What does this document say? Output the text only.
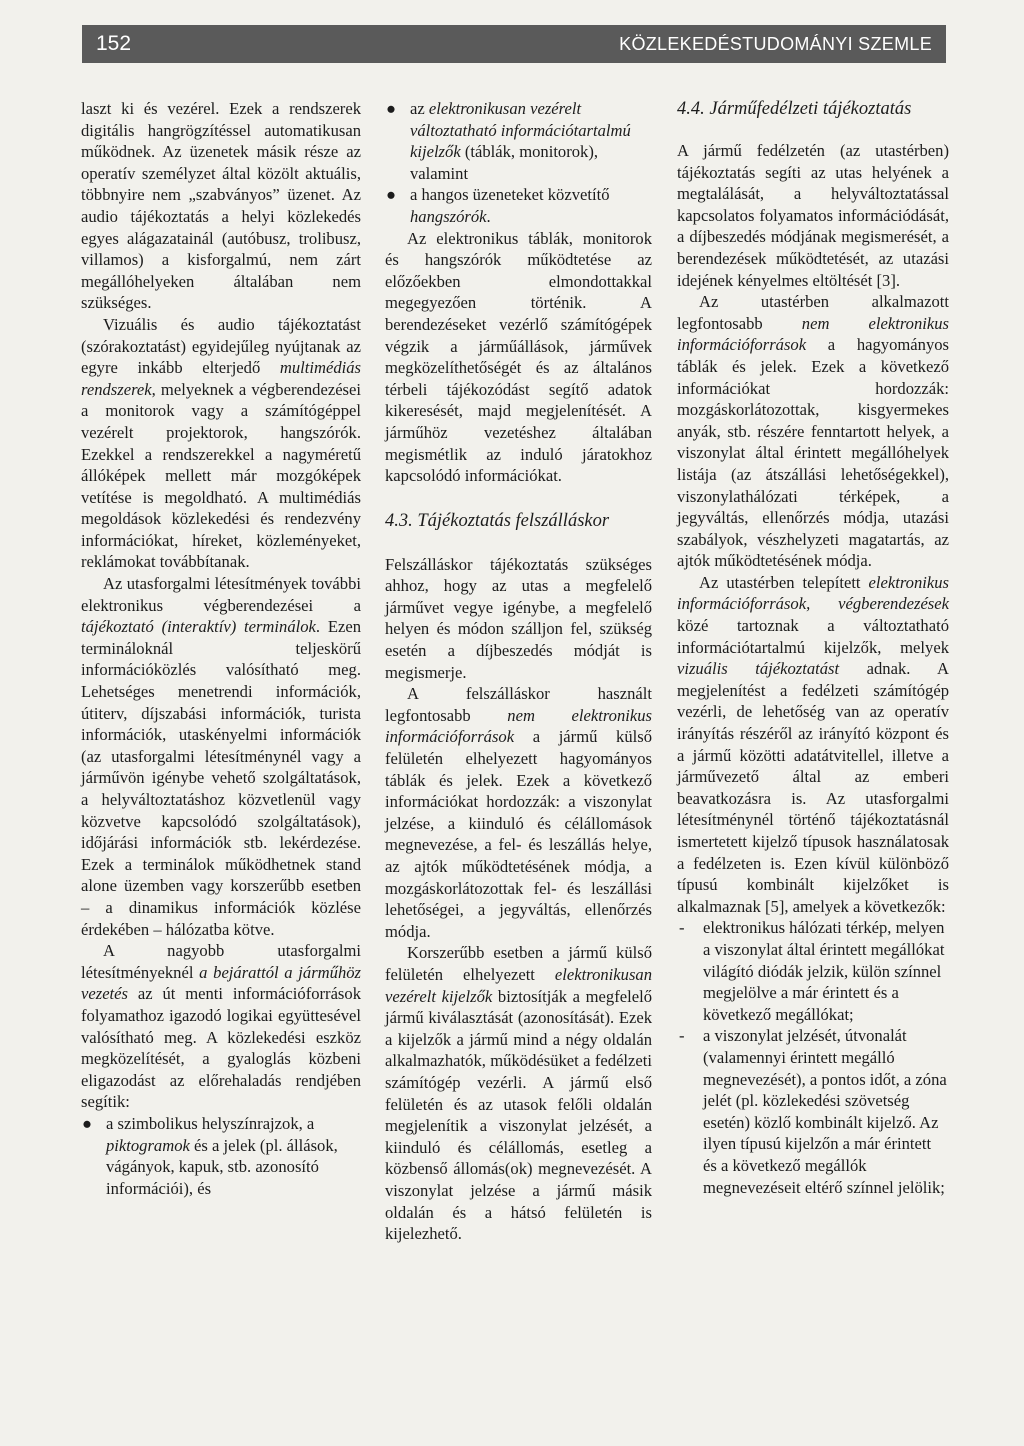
152	KÖZLEKEDÉSTUDOMÁNYI SZEMLE

laszt ki és vezérel. Ezek a rendszerek digitális hangrögzítéssel automatikusan működnek. Az üzenetek másik része az operatív személyzet által közölt aktuális, többnyire nem „szabványos” üzenet. Az audio tájékoztatás a helyi közlekedés egyes alágazatainál (autóbusz, trolibusz, villamos) a kisforgalmú, nem zárt megállóhelyeken általában nem szükséges.

Vizuális és audio tájékoztatást (szórakoztatást) egyidejűleg nyújtanak az egyre inkább elterjedő multimédiás rendszerek, melyeknek a végberendezései a monitorok vagy a számítógéppel vezérelt projektorok, hangszórók. Ezekkel a rendszerekkel a nagyméretű állóképek mellett már mozgóképek vetítése is megoldható. A multimédiás megoldások közlekedési és rendezvény információkat, híreket, közleményeket, reklámokat továbbítanak.

Az utasforgalmi létesítmények további elektronikus végberendezései a tájékoztató (interaktív) terminálok. Ezen termináloknál teljeskörű információközlés valósítható meg. Lehetséges menetrendi információk, útiterv, díjszabási információk, turista információk, utaskényelmi információk (az utasforgalmi létesítménynél vagy a járművön igénybe vehető szolgáltatások, a helyváltoztatáshoz közvetlenül vagy közvetve kapcsolódó szolgáltatások), időjárási információk stb. lekérdezése. Ezek a terminálok működhetnek stand alone üzemben vagy korszerűbb esetben – a dinamikus információk közlése érdekében – hálózatba kötve.

A nagyobb utasforgalmi létesítményeknél a bejárattól a járműhöz vezetés az út menti információforrások folyamathoz igazodó logikai együttesével valósítható meg. A közlekedési eszköz megközelítését, a gyaloglás közbeni eligazodást az előrehaladás rendjében segítik:

● a szimbolikus helyszínrajzok, a piktogramok és a jelek (pl. állások, vágányok, kapuk, stb. azonosító információi), és
● az elektronikusan vezérelt változtatható információtartalmú kijelzők (táblák, monitorok), valamint
● a hangos üzeneteket közvetítő hangszórók.

Az elektronikus táblák, monitorok és hangszórók működtetése az előzőekben elmondottakkal megegyezően történik. A berendezéseket vezérlő számítógépek végzik a járműállások, járművek megközelíthetőségét és az általános térbeli tájékozódást segítő adatok kikeresését, majd megjelenítését. A járműhöz vezetéshez általában megismétlik az induló járatokhoz kapcsolódó információkat.

4.3. Tájékoztatás felszálláskor

Felszálláskor tájékoztatás szükséges ahhoz, hogy az utas a megfelelő járművet vegye igénybe, a megfelelő helyen és módon szálljon fel, szükség esetén a díjbeszedés módját is megismerje.

A felszálláskor használt legfontosabb nem elektronikus információforrások a jármű külső felületén elhelyezett hagyományos táblák és jelek. Ezek a következő információkat hordozzák: a viszonylat jelzése, a kiinduló és célállomások megnevezése, a fel- és leszállás helye, az ajtók működtetésének módja, a mozgáskorlátozottak fel- és leszállási lehetőségei, a jegyváltás, ellenőrzés módja.

Korszerűbb esetben a jármű külső felületén elhelyezett elektronikusan vezérelt kijelzők biztosítják a megfelelő jármű kiválasztását (azonosítását). Ezek a kijelzők a jármű mind a négy oldalán alkalmazhatók, működésüket a fedélzeti számítógép vezérli. A jármű első felületén és az utasok felőli oldalán megjelenítik a viszonylat jelzését, a kiinduló és célállomás, esetleg a közbenső állomás(ok) megnevezését. A viszonylat jelzése a jármű másik oldalán és a hátsó felületén is kijelezhető.

4.4. Járműfedélzeti tájékoztatás

A jármű fedélzetén (az utastérben) tájékoztatás segíti az utas helyének a megtalálását, a helyváltoztatással kapcsolatos folyamatos információdását, a díjbeszedés módjának megismerését, a berendezések működtetését, az utazási idejének kényelmes eltöltését [3].

Az utastérben alkalmazott legfontosabb nem elektronikus információforrások a hagyományos táblák és jelek. Ezek a következő információkat hordozzák: mozgáskorlátozottak, kisgyermekes anyák, stb. részére fenntartott helyek, a viszonylat által érintett megállóhelyek listája (az átszállási lehetőségekkel), viszonylathálózati térképek, a jegyváltás, ellenőrzés módja, utazási szabályok, vészhelyzeti magatartás, az ajtók működtetésének módja.

Az utastérben telepített elektronikus információforrások, végberendezések közé tartoznak a változtatható információtartalmú kijelzők, melyek vizuális tájékoztatást adnak. A megjelenítést a fedélzeti számítógép vezérli, de lehetőség van az operatív irányítás részéről az irányító központ és a jármű közötti adatátvitellel, illetve a járművezető által az emberi beavatkozásra is. Az utasforgalmi létesítménynél történő tájékoztatásnál ismertetett kijelző típusok használatosak a fedélzeten is. Ezen kívül különböző típusú kombinált kijelzőket is alkalmaznak [5], amelyek a következők:

- elektronikus hálózati térkép, melyen a viszonylat által érintett megállókat világító diódák jelzik, külön színnel megjelölve a már érintett és a következő megállókat;
- a viszonylat jelzését, útvonalát (valamennyi érintett megálló megnevezését), a pontos időt, a zóna jelét (pl. közlekedési szövetség esetén) közlő kombinált kijelző. Az ilyen típusú kijelzőn a már érintett és a következő megállók megnevezéseit eltérő színnel jelölik;
